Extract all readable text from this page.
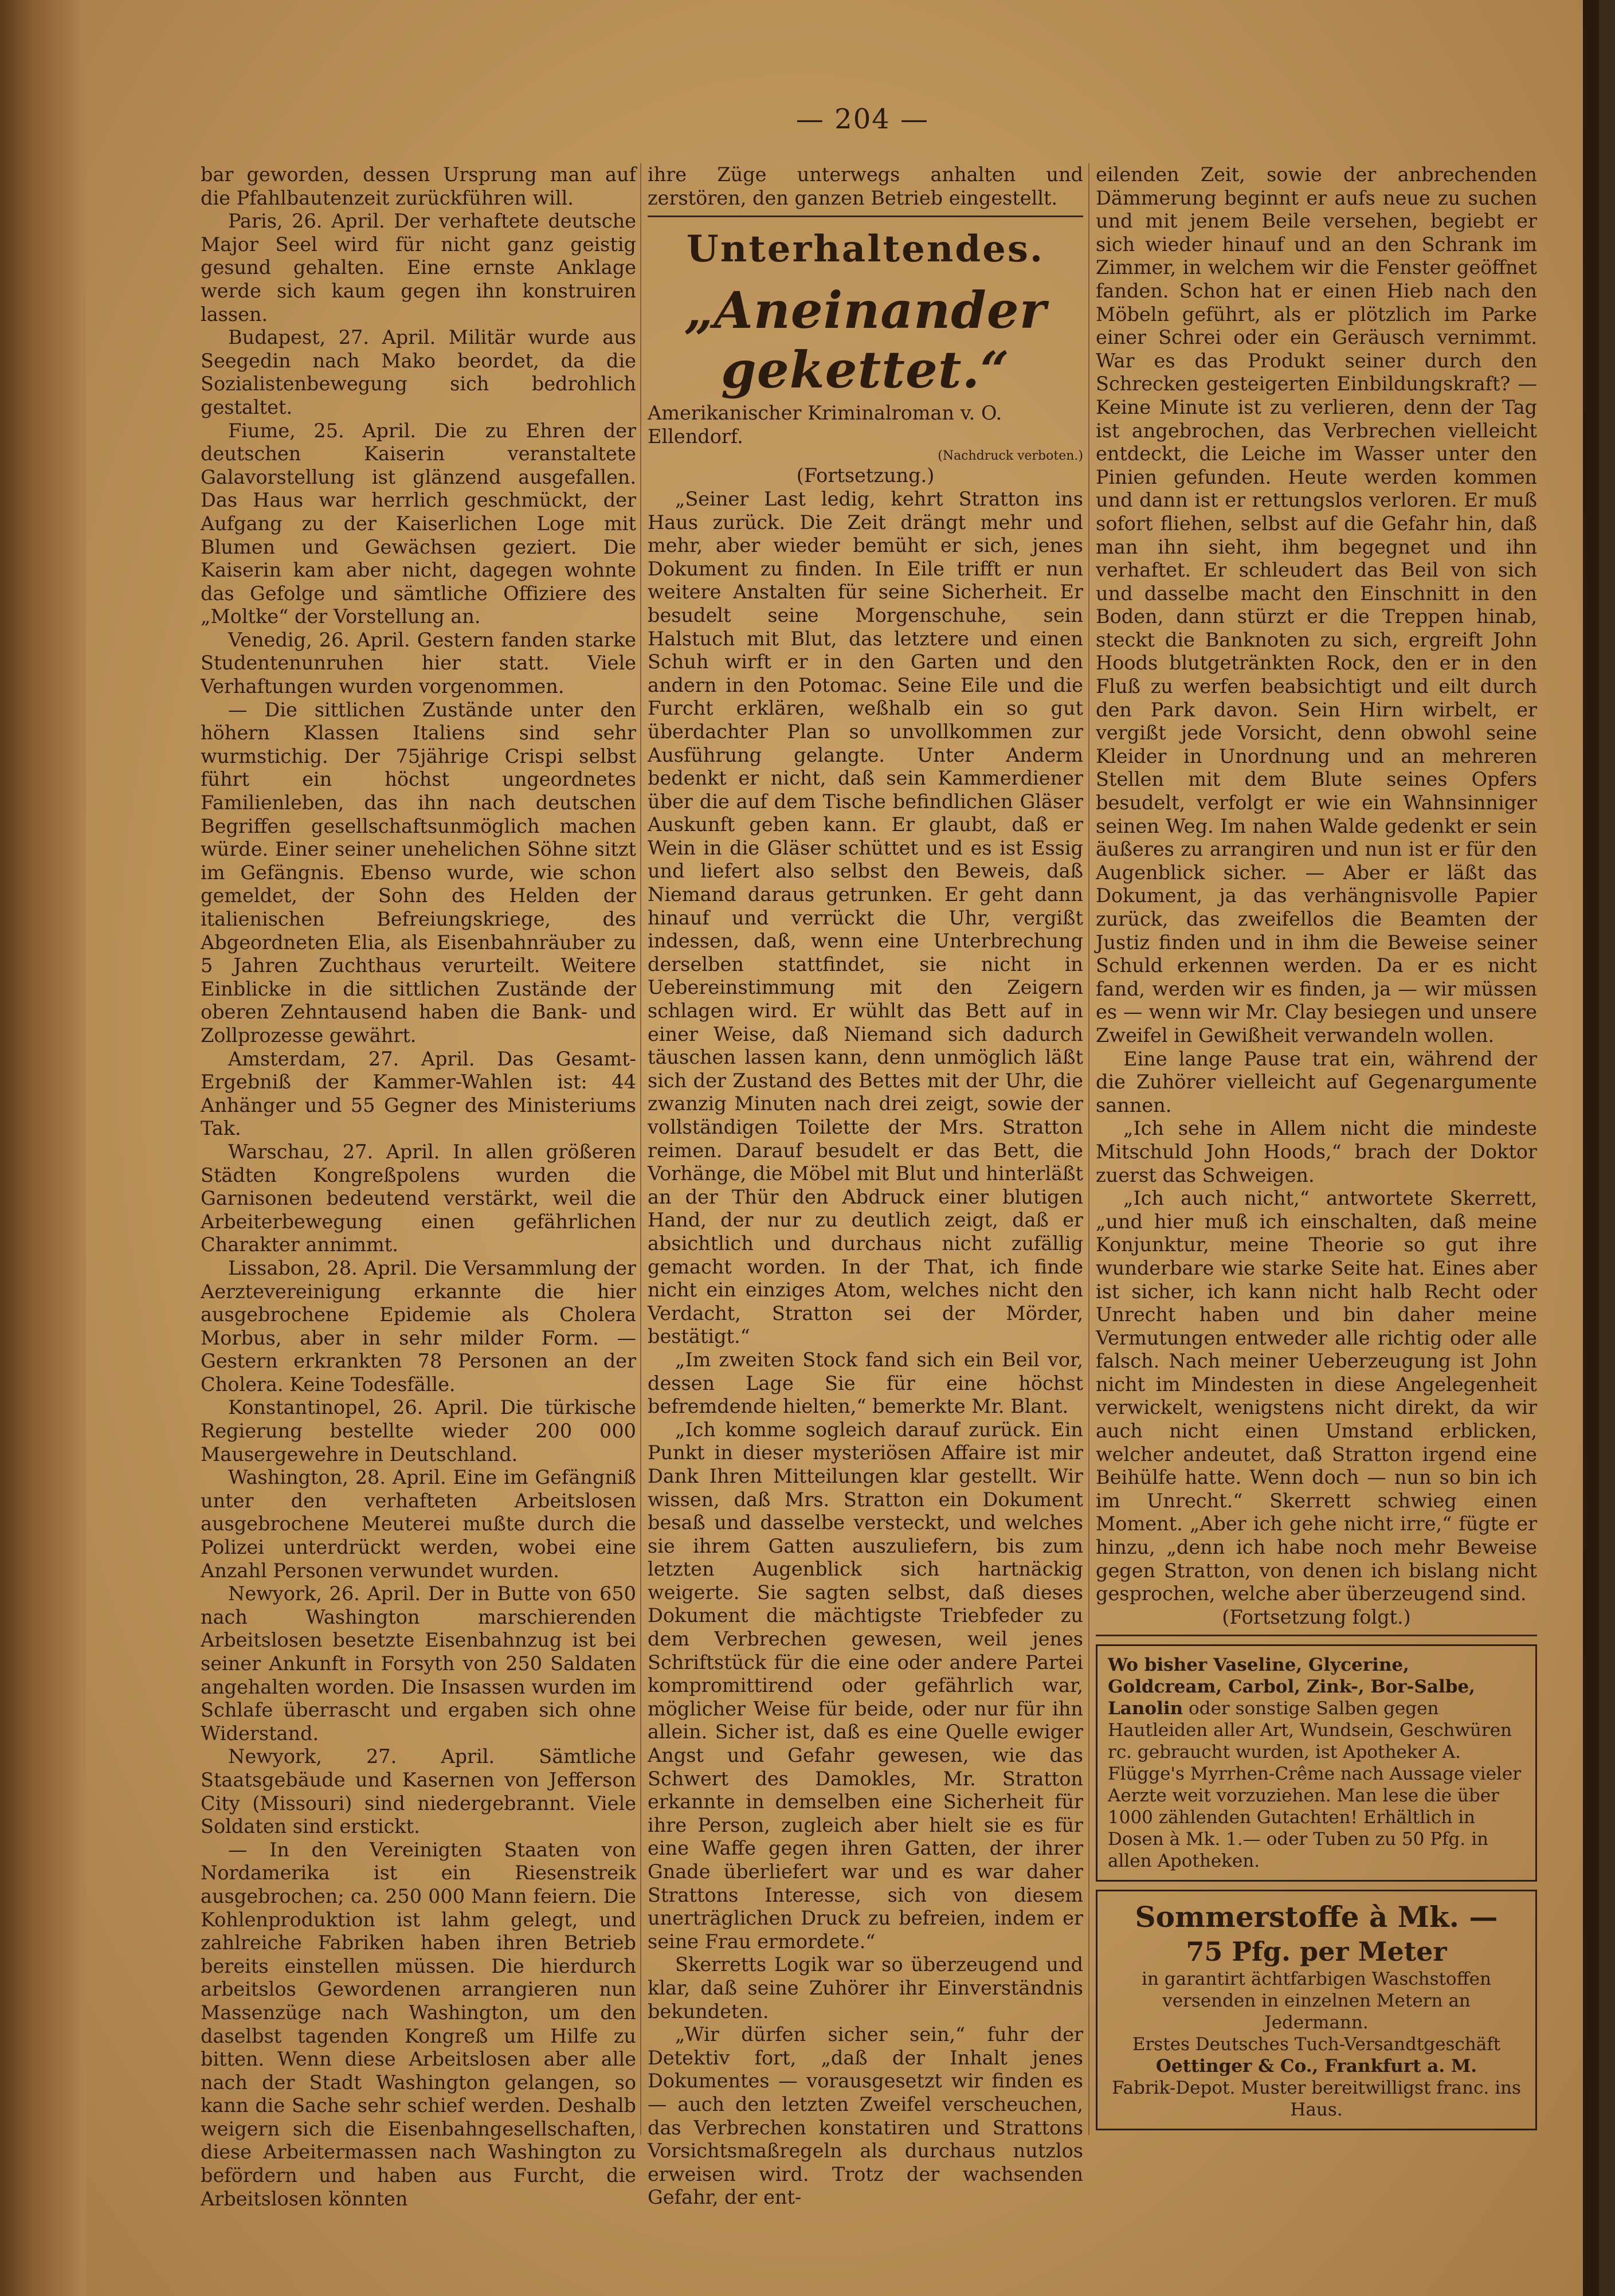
— 204 —

bar geworden, dessen Ursprung man auf die Pfahlbautenzeit zurückführen will.

Paris, 26. April. Der verhaftete deutsche Major Seel wird für nicht ganz geistig gesund gehalten. Eine ernste Anklage werde sich kaum gegen ihn konstruiren lassen.

Budapest, 27. April. Militär wurde aus Seegedin nach Mako beordet, da die Sozialistenbewegung sich bedrohlich gestaltet.

Fiume, 25. April. Die zu Ehren der deutschen Kaiserin veranstaltete Galavorstellung ist glänzend ausgefallen. Das Haus war herrlich geschmückt, der Aufgang zu der Kaiserlichen Loge mit Blumen und Gewächsen geziert. Die Kaiserin kam aber nicht, dagegen wohnte das Gefolge und sämtliche Offiziere des „Moltke“ der Vorstellung an.

Venedig, 26. April. Gestern fanden starke Studentenunruhen hier statt. Viele Verhaftungen wurden vorgenommen.

— Die sittlichen Zustände unter den höhern Klassen Italiens sind sehr wurmstichig. Der 75jährige Crispi selbst führt ein höchst ungeordnetes Familienleben, das ihn nach deutschen Begriffen gesellschaftsunmöglich machen würde. Einer seiner unehelichen Söhne sitzt im Gefängnis. Ebenso wurde, wie schon gemeldet, der Sohn des Helden der italienischen Befreiungskriege, des Abgeordneten Elia, als Eisenbahnräuber zu 5 Jahren Zuchthaus verurteilt. Weitere Einblicke in die sittlichen Zustände der oberen Zehntausend haben die Bank- und Zollprozesse gewährt.

Amsterdam, 27. April. Das Gesamt-Ergebniß der Kammer-Wahlen ist: 44 Anhänger und 55 Gegner des Ministeriums Tak.

Warschau, 27. April. In allen größeren Städten Kongreßpolens wurden die Garnisonen bedeutend verstärkt, weil die Arbeiterbewegung einen gefährlichen Charakter annimmt.

Lissabon, 28. April. Die Versammlung der Aerztevereinigung erkannte die hier ausgebrochene Epidemie als Cholera Morbus, aber in sehr milder Form. — Gestern erkrankten 78 Personen an der Cholera. Keine Todesfälle.

Konstantinopel, 26. April. Die türkische Regierung bestellte wieder 200 000 Mausergewehre in Deutschland.

Washington, 28. April. Eine im Gefängniß unter den verhafteten Arbeitslosen ausgebrochene Meuterei mußte durch die Polizei unterdrückt werden, wobei eine Anzahl Personen verwundet wurden.

Newyork, 26. April. Der in Butte von 650 nach Washington marschierenden Arbeitslosen besetzte Eisenbahnzug ist bei seiner Ankunft in Forsyth von 250 Saldaten angehalten worden. Die Insassen wurden im Schlafe überrascht und ergaben sich ohne Widerstand.

Newyork, 27. April. Sämtliche Staatsgebäude und Kasernen von Jefferson City (Missouri) sind niedergebrannt. Viele Soldaten sind erstickt.

— In den Vereinigten Staaten von Nordamerika ist ein Riesenstreik ausgebrochen; ca. 250 000 Mann feiern. Die Kohlenproduktion ist lahm gelegt, und zahlreiche Fabriken haben ihren Betrieb bereits einstellen müssen. Die hierdurch arbeitslos Gewordenen arrangieren nun Massenzüge nach Washington, um den daselbst tagenden Kongreß um Hilfe zu bitten. Wenn diese Arbeitslosen aber alle nach der Stadt Washington gelangen, so kann die Sache sehr schief werden. Deshalb weigern sich die Eisenbahngesellschaften, diese Arbeitermassen nach Washington zu befördern und haben aus Furcht, die Arbeitslosen könnten

ihre Züge unterwegs anhalten und zerstören, den ganzen Betrieb eingestellt.

Unterhaltendes.
„Aneinander gekettet.“

Amerikanischer Kriminalroman v. O. Ellendorf.

(Nachdruck verboten.)

(Fortsetzung.)

„Seiner Last ledig, kehrt Stratton ins Haus zurück. Die Zeit drängt mehr und mehr, aber wieder bemüht er sich, jenes Dokument zu finden. In Eile trifft er nun weitere Anstalten für seine Sicherheit. Er besudelt seine Morgenschuhe, sein Halstuch mit Blut, das letztere und einen Schuh wirft er in den Garten und den andern in den Potomac. Seine Eile und die Furcht erklären, weßhalb ein so gut überdachter Plan so unvollkommen zur Ausführung gelangte. Unter Anderm bedenkt er nicht, daß sein Kammerdiener über die auf dem Tische befindlichen Gläser Auskunft geben kann. Er glaubt, daß er Wein in die Gläser schüttet und es ist Essig und liefert also selbst den Beweis, daß Niemand daraus getrunken. Er geht dann hinauf und verrückt die Uhr, vergißt indessen, daß, wenn eine Unterbrechung derselben stattfindet, sie nicht in Uebereinstimmung mit den Zeigern schlagen wird. Er wühlt das Bett auf in einer Weise, daß Niemand sich dadurch täuschen lassen kann, denn unmöglich läßt sich der Zustand des Bettes mit der Uhr, die zwanzig Minuten nach drei zeigt, sowie der vollständigen Toilette der Mrs. Stratton reimen. Darauf besudelt er das Bett, die Vorhänge, die Möbel mit Blut und hinterläßt an der Thür den Abdruck einer blutigen Hand, der nur zu deutlich zeigt, daß er absichtlich und durchaus nicht zufällig gemacht worden. In der That, ich finde nicht ein einziges Atom, welches nicht den Verdacht, Stratton sei der Mörder, bestätigt.“

„Im zweiten Stock fand sich ein Beil vor, dessen Lage Sie für eine höchst befremdende hielten,“ bemerkte Mr. Blant.

„Ich komme sogleich darauf zurück. Ein Punkt in dieser mysteriösen Affaire ist mir Dank Ihren Mitteilungen klar gestellt. Wir wissen, daß Mrs. Stratton ein Dokument besaß und dasselbe versteckt, und welches sie ihrem Gatten auszuliefern, bis zum letzten Augenblick sich hartnäckig weigerte. Sie sagten selbst, daß dieses Dokument die mächtigste Triebfeder zu dem Verbrechen gewesen, weil jenes Schriftstück für die eine oder andere Partei kompromittirend oder gefährlich war, möglicher Weise für beide, oder nur für ihn allein. Sicher ist, daß es eine Quelle ewiger Angst und Gefahr gewesen, wie das Schwert des Damokles, Mr. Stratton erkannte in demselben eine Sicherheit für ihre Person, zugleich aber hielt sie es für eine Waffe gegen ihren Gatten, der ihrer Gnade überliefert war und es war daher Strattons Interesse, sich von diesem unerträglichen Druck zu befreien, indem er seine Frau ermordete.“

Skerretts Logik war so überzeugend und klar, daß seine Zuhörer ihr Einverständnis bekundeten.

„Wir dürfen sicher sein,“ fuhr der Detektiv fort, „daß der Inhalt jenes Dokumentes — vorausgesetzt wir finden es — auch den letzten Zweifel verscheuchen, das Verbrechen konstatiren und Strattons Vorsichtsmaßregeln als durchaus nutzlos erweisen wird. Trotz der wachsenden Gefahr, der ent-

eilenden Zeit, sowie der anbrechenden Dämmerung beginnt er aufs neue zu suchen und mit jenem Beile versehen, begiebt er sich wieder hinauf und an den Schrank im Zimmer, in welchem wir die Fenster geöffnet fanden. Schon hat er einen Hieb nach den Möbeln geführt, als er plötzlich im Parke einer Schrei oder ein Geräusch vernimmt. War es das Produkt seiner durch den Schrecken gesteigerten Einbildungskraft? — Keine Minute ist zu verlieren, denn der Tag ist angebrochen, das Verbrechen vielleicht entdeckt, die Leiche im Wasser unter den Pinien gefunden. Heute werden kommen und dann ist er rettungslos verloren. Er muß sofort fliehen, selbst auf die Gefahr hin, daß man ihn sieht, ihm begegnet und ihn verhaftet. Er schleudert das Beil von sich und dasselbe macht den Einschnitt in den Boden, dann stürzt er die Treppen hinab, steckt die Banknoten zu sich, ergreift John Hoods blutgetränkten Rock, den er in den Fluß zu werfen beabsichtigt und eilt durch den Park davon. Sein Hirn wirbelt, er vergißt jede Vorsicht, denn obwohl seine Kleider in Unordnung und an mehreren Stellen mit dem Blute seines Opfers besudelt, verfolgt er wie ein Wahnsinniger seinen Weg. Im nahen Walde gedenkt er sein äußeres zu arrangiren und nun ist er für den Augenblick sicher. — Aber er läßt das Dokument, ja das verhängnisvolle Papier zurück, das zweifellos die Beamten der Justiz finden und in ihm die Beweise seiner Schuld erkennen werden. Da er es nicht fand, werden wir es finden, ja — wir müssen es — wenn wir Mr. Clay besiegen und unsere Zweifel in Gewißheit verwandeln wollen.

Eine lange Pause trat ein, während der die Zuhörer vielleicht auf Gegenargumente sannen.

„Ich sehe in Allem nicht die mindeste Mitschuld John Hoods,“ brach der Doktor zuerst das Schweigen.

„Ich auch nicht,“ antwortete Skerrett, „und hier muß ich einschalten, daß meine Konjunktur, meine Theorie so gut ihre wunderbare wie starke Seite hat. Eines aber ist sicher, ich kann nicht halb Recht oder Unrecht haben und bin daher meine Vermutungen entweder alle richtig oder alle falsch. Nach meiner Ueberzeugung ist John nicht im Mindesten in diese Angelegenheit verwickelt, wenigstens nicht direkt, da wir auch nicht einen Umstand erblicken, welcher andeutet, daß Stratton irgend eine Beihülfe hatte. Wenn doch — nun so bin ich im Unrecht.“ Skerrett schwieg einen Moment. „Aber ich gehe nicht irre,“ fügte er hinzu, „denn ich habe noch mehr Beweise gegen Stratton, von denen ich bislang nicht gesprochen, welche aber überzeugend sind.

(Fortsetzung folgt.)

Wo bisher Vaseline, Glycerine, Goldcream, Carbol, Zink-, Bor-Salbe, Lanolin oder sonstige Salben gegen Hautleiden aller Art, Wundsein, Geschwüren rc. gebraucht wurden, ist Apotheker A. Flügge's Myrrhen-Crême nach Aussage vieler Aerzte weit vorzuziehen. Man lese die über 1000 zählenden Gutachten! Erhältlich in Dosen à Mk. 1.— oder Tuben zu 50 Pfg. in allen Apotheken.
Sommerstoffe à Mk. —
75 Pfg. per Meter
in garantirt ächtfarbigen Waschstoffen
versenden in einzelnen Metern an Jedermann.
Erstes Deutsches Tuch-Versandtgeschäft
Oettinger & Co., Frankfurt a. M.
Fabrik-Depot. Muster bereitwilligst franc. ins Haus.
